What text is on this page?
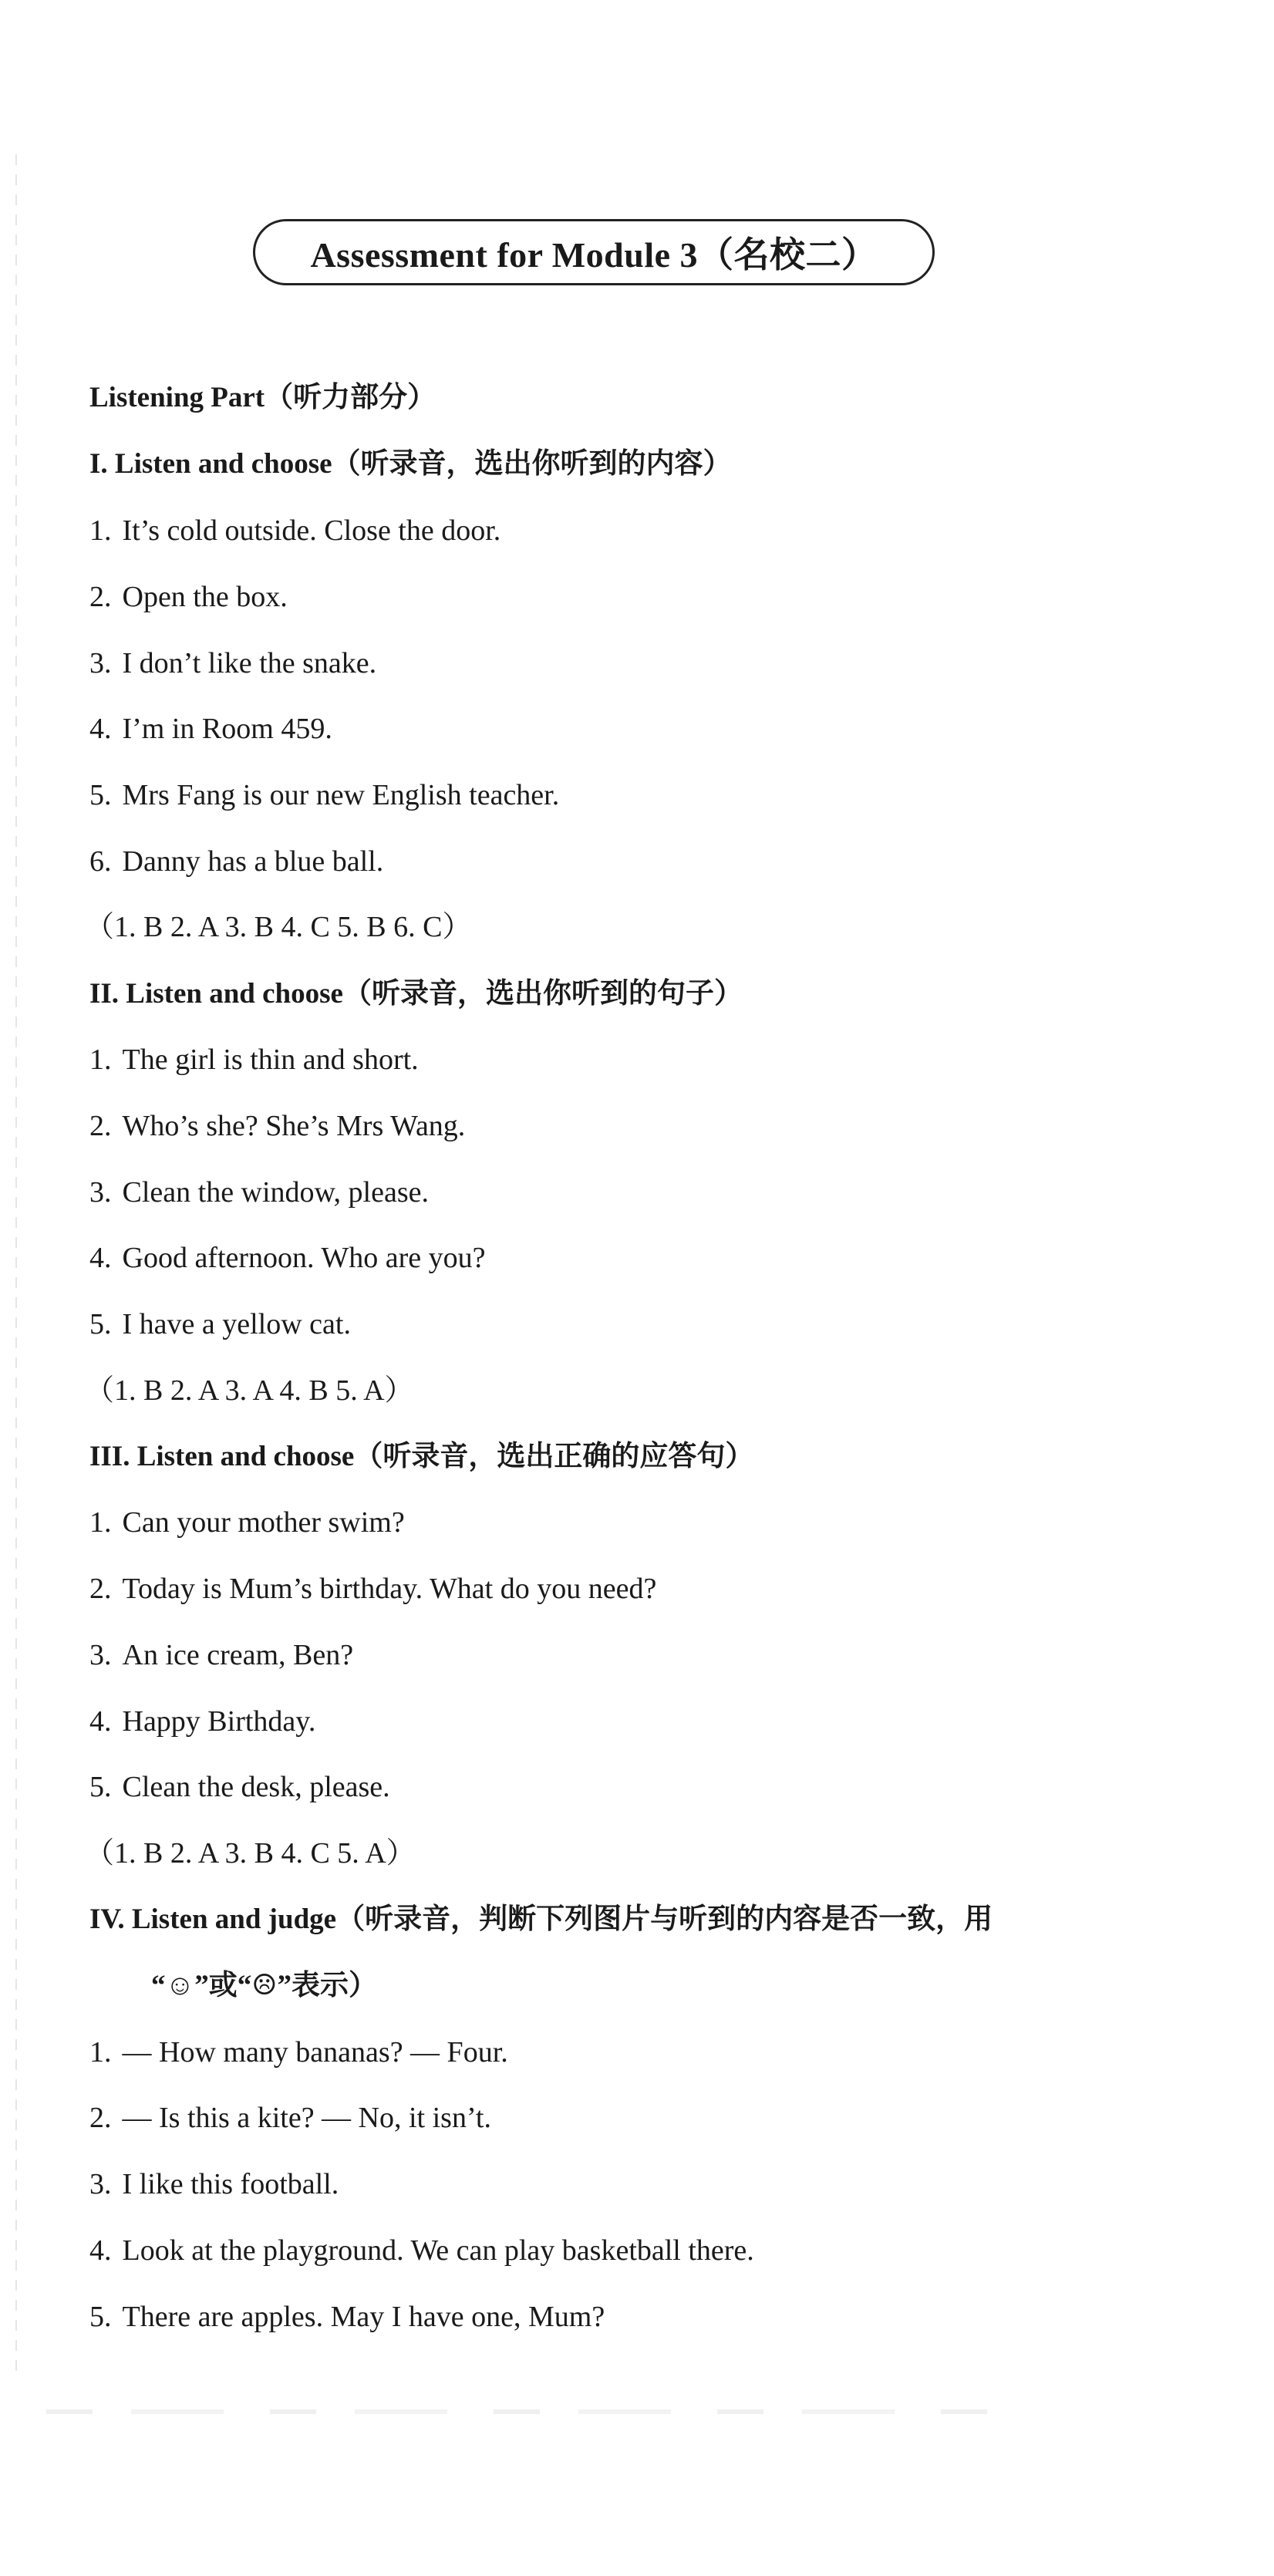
Assessment for Module 3（名校二）
Listening Part（听力部分）
I. Listen and choose（听录音，选出你听到的内容）
1. It’s cold outside. Close the door.
2. Open the box.
3. I don’t like the snake.
4. I’m in Room 459.
5. Mrs Fang is our new English teacher.
6. Danny has a blue ball.
（1. B 2. A 3. B 4. C 5. B 6. C）
II. Listen and choose（听录音，选出你听到的句子）
1. The girl is thin and short.
2. Who’s she? She’s Mrs Wang.
3. Clean the window, please.
4. Good afternoon. Who are you?
5. I have a yellow cat.
（1. B 2. A 3. A 4. B 5. A）
III. Listen and choose（听录音，选出正确的应答句）
1. Can your mother swim?
2. Today is Mum’s birthday. What do you need?
3. An ice cream, Ben?
4. Happy Birthday.
5. Clean the desk, please.
（1. B 2. A 3. B 4. C 5. A）
IV. Listen and judge（听录音，判断下列图片与听到的内容是否一致，用
“☺”或“☹”表示）
1. — How many bananas? — Four.
2. — Is this a kite? — No, it isn’t.
3. I like this football.
4. Look at the playground. We can play basketball there.
5. There are apples. May I have one, Mum?
